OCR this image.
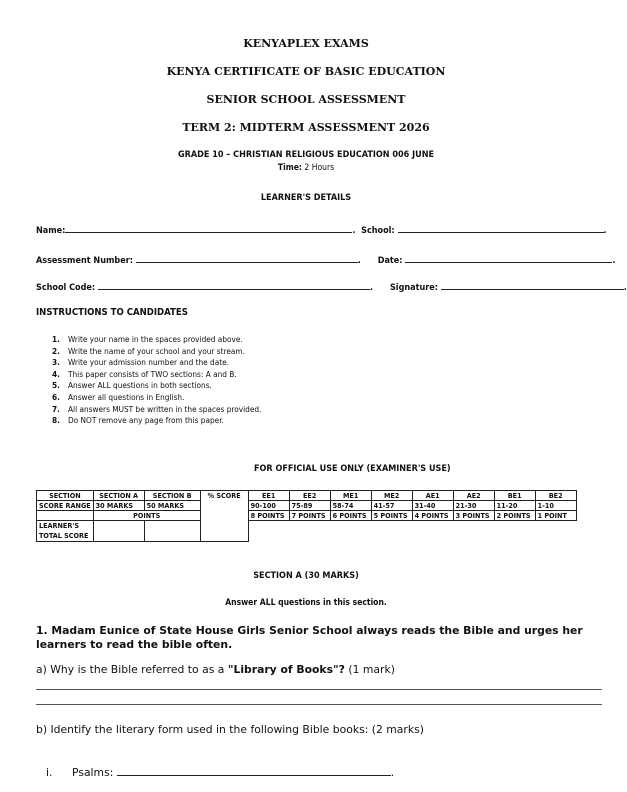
KENYAPLEX EXAMS
KENYA CERTIFICATE OF BASIC EDUCATION
SENIOR SCHOOL ASSESSMENT
TERM 2: MIDTERM ASSESSMENT 2026
GRADE 10 – CHRISTIAN RELIGIOUS EDUCATION 006 JUNE
Time: 2 Hours
LEARNER'S DETAILS
Name:	.  School:	.
Assessment Number:	.      Date:	.
School Code:	.      Signature:	.
INSTRUCTIONS TO CANDIDATES
1. Write your name in the spaces provided above.
2. Write the name of your school and your stream.
3. Write your admission number and the date.
4. This paper consists of TWO sections: A and B.
5. Answer ALL questions in both sections.
6. Answer all questions in English.
7. All answers MUST be written in the spaces provided.
8. Do NOT remove any page from this paper.
FOR OFFICIAL USE ONLY (EXAMINER'S USE)
SECTION	SECTION A	SECTION B	% SCORE	EE1	EE2	ME1	ME2	AE1	AE2	BE1	BE2
SCORE RANGE	30 MARKS	50 MARKS		90-100	75-89	58-74	41-57	31-40	21-30	11-20	1-10
	POINTS			8 POINTS	7 POINTS	6 POINTS	5 POINTS	4 POINTS	3 POINTS	2 POINTS	1 POINT
LEARNER'S
TOTAL SCORE											
SECTION A (30 MARKS)
Answer ALL questions in this section.
1. Madam Eunice of State House Girls Senior School always reads the Bible and urges her learners to read the bible often.
a) Why is the Bible referred to as a "Library of Books"? (1 mark)
b) Identify the literary form used in the following Bible books: (2 marks)
i. Psalms:	.
